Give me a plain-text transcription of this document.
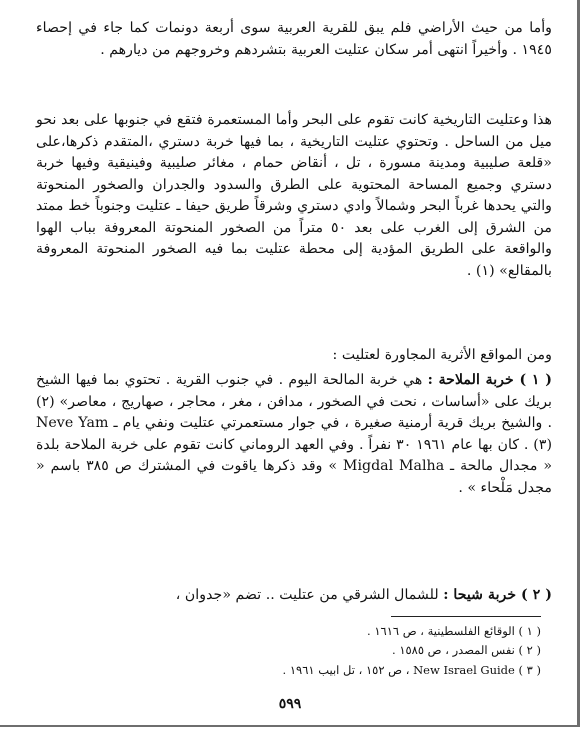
وأما من حيث الأراضي فلم يبق للقرية العربية سوى أربعة دونمات كما جاء في إحصاء ١٩٤٥ . وأخيراً انتهى أمر سكان عتليت العربية بتشردهم وخروجهم من ديارهم .

هذا وعتليت التاريخية كانت تقوم على البحر وأما المستعمرة فتقع في جنوبها على بعد نحو ميل من الساحل . وتحتوي عتليت التاريخية ، بما فيها خربة دستري ،المتقدم ذكرها،على «قلعة صليبية ومدينة مسورة ، تل ، أنقاض حمام ، مغائر صليبية وفينيقية وفيها خربة دستري وجميع المساحة المحتوية على الطرق والسدود والجدران والصخور المنحوتة والتي يحدها غرباً البحر وشمالاً وادي دستري وشرقاً طريق حيفا ـ عتليت وجنوباً خط ممتد من الشرق إلى الغرب على بعد ٥٠ متراً من الصخور المنحوتة المعروفة بباب الهوا والواقعة على الطريق المؤدية إلى محطة عتليت بما فيه الصخور المنحوتة المعروفة بالمقالع» (١) .

ومن المواقع الأثرية المجاورة لعتليت :

( ١ ) خربة الملاحة : هي خربة المالحة اليوم . في جنوب القرية . تحتوي بما فيها الشيخ بريك على «أساسات ، نحت في الصخور ، مدافن ، مغر ، محاجر ، صهاريج ، معاصر» (٢) . والشيخ بريك قرية أرمنية صغيرة ، في جوار مستعمرتي عتليت ونفي يام ـ Neve Yam (٣) . كان بها عام ١٩٦١ ٣٠ نفراً . وفي العهد الروماني كانت تقوم على خربة الملاحة بلدة « مجدال مالحة ـ Migdal Malha » وقد ذكرها ياقوت في المشترك ص ٣٨٥ باسم « مجدل مَلْحاء » .

( ٢ ) خربة شيحا : للشمال الشرقي من عتليت .. تضم «جدوان ،

( ١ ) الوقائع الفلسطينية ، ص ١٦١٦ .
( ٢ ) نفس المصدر ، ص ١٥٨٥ .
( ٣ ) New Israel Guide ، ص ١٥٢ ، تل ابيب ١٩٦١ .
٥٩٩
